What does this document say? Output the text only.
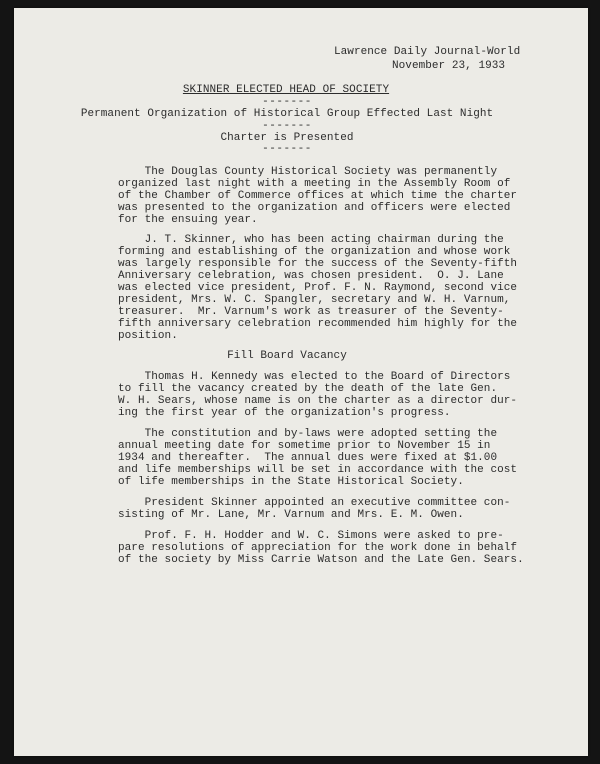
Lawrence Daily Journal-World
November 23, 1933
SKINNER ELECTED HEAD OF SOCIETY
-------
Permanent Organization of Historical Group Effected Last Night
-------
Charter is Presented
-------
The Douglas County Historical Society was permanently
organized last night with a meeting in the Assembly Room of
of the Chamber of Commerce offices at which time the charter
was presented to the organization and officers were elected
for the ensuing year.
J. T. Skinner, who has been acting chairman during the
forming and establishing of the organization and whose work
was largely responsible for the success of the Seventy-fifth
Anniversary celebration, was chosen president.  O. J. Lane
was elected vice president, Prof. F. N. Raymond, second vice
president, Mrs. W. C. Spangler, secretary and W. H. Varnum,
treasurer.  Mr. Varnum's work as treasurer of the Seventy-
fifth anniversary celebration recommended him highly for the
position.
Fill Board Vacancy
Thomas H. Kennedy was elected to the Board of Directors
to fill the vacancy created by the death of the late Gen.
W. H. Sears, whose name is on the charter as a director dur-
ing the first year of the organization's progress.
The constitution and by-laws were adopted setting the
annual meeting date for sometime prior to November 15 in
1934 and thereafter.  The annual dues were fixed at $1.00
and life memberships will be set in accordance with the cost
of life memberships in the State Historical Society.
President Skinner appointed an executive committee con-
sisting of Mr. Lane, Mr. Varnum and Mrs. E. M. Owen.
Prof. F. H. Hodder and W. C. Simons were asked to pre-
pare resolutions of appreciation for the work done in behalf
of the society by Miss Carrie Watson and the Late Gen. Sears.
